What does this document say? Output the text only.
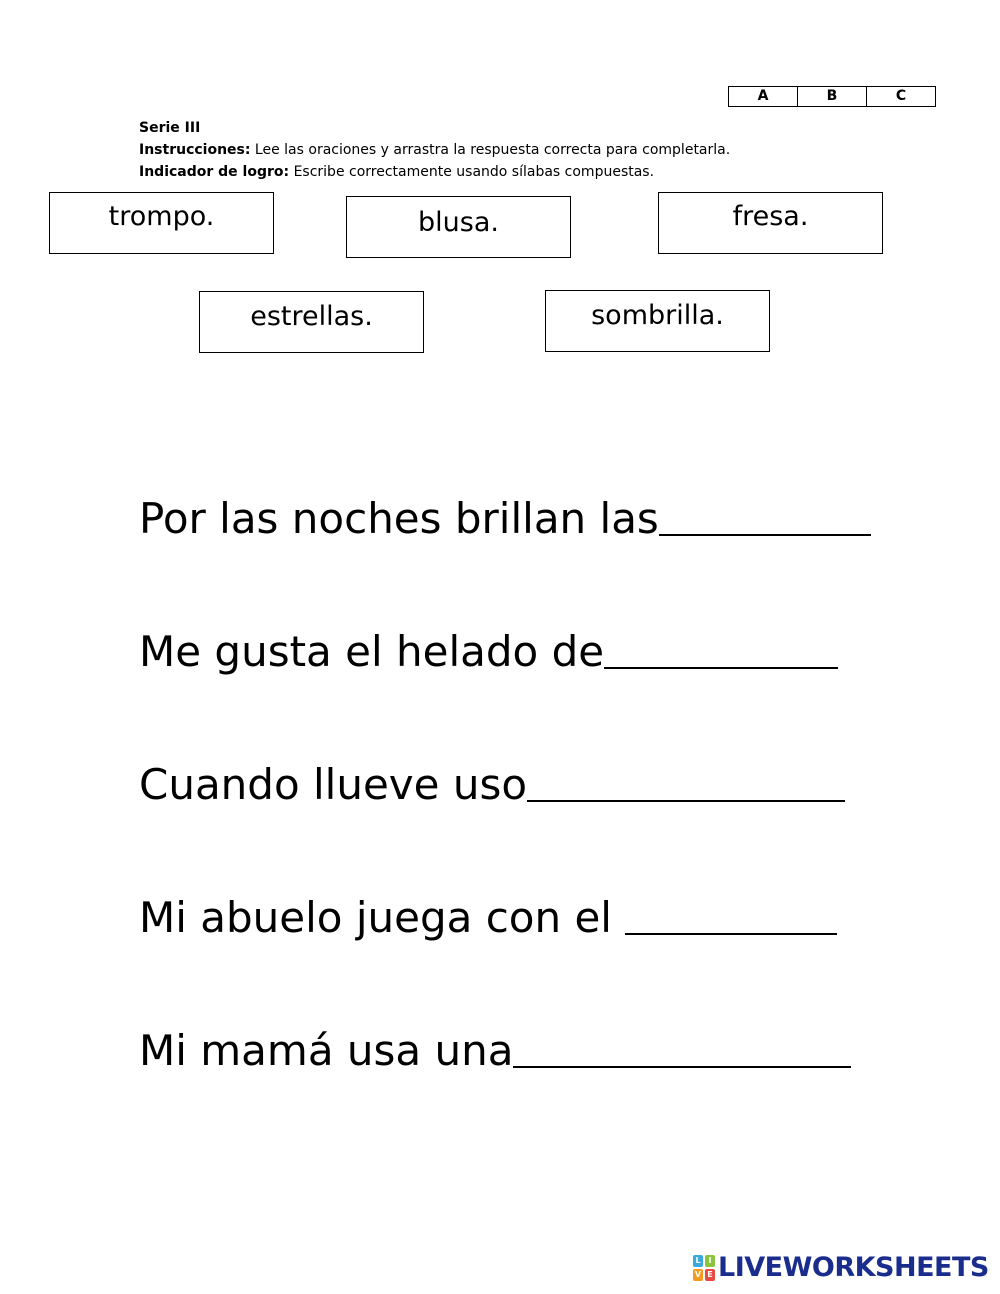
A	B	C
Serie III
Instrucciones: Lee las oraciones y arrastra la respuesta correcta para completarla.
Indicador de logro: Escribe correctamente usando sílabas compuestas.
trompo.	blusa.	fresa.
estrellas.	sombrilla.
Por las noches brillan las
Me gusta el helado de
Cuando llueve uso
Mi abuelo juega con el
Mi mamá usa una
L I
V E LIVEWORKSHEETS
